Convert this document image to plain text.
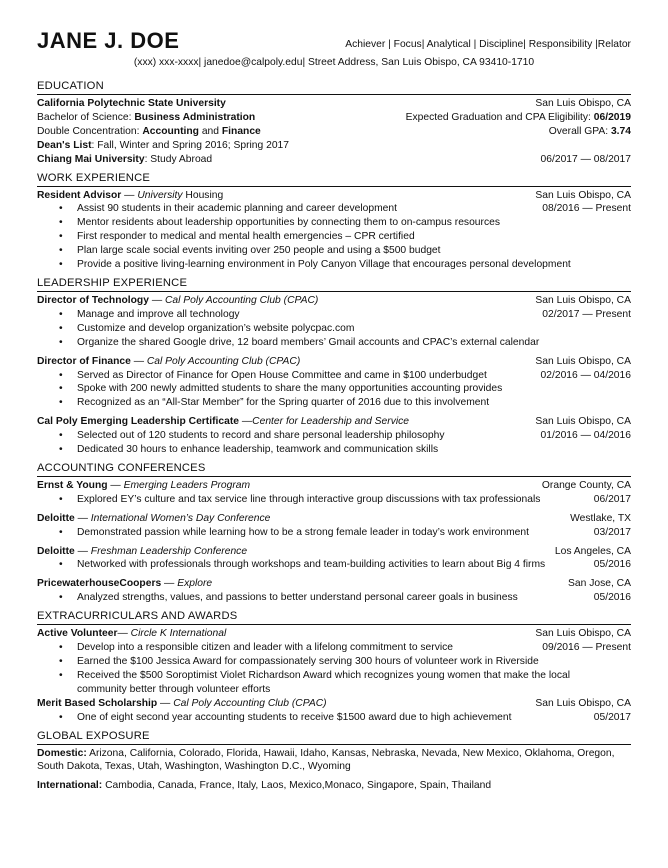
JANE J. DOE	Achiever | Focus| Analytical | Discipline| Responsibility |Relator
(xxx) xxx-xxxx| janedoe@calpoly.edu| Street Address, San Luis Obispo, CA 93410-1710
EDUCATION
California Polytechnic State University	San Luis Obispo, CA
Bachelor of Science: Business Administration	Expected Graduation and CPA Eligibility: 06/2019
Double Concentration: Accounting and Finance	Overall GPA: 3.74
Dean's List: Fall, Winter and Spring 2016; Spring 2017
Chiang Mai University: Study Abroad	06/2017 — 08/2017
WORK EXPERIENCE
Resident Advisor — University Housing	San Luis Obispo, CA
• Assist 90 students in their academic planning and career development	08/2016 — Present
• Mentor residents about leadership opportunities by connecting them to on-campus resources
• First responder to medical and mental health emergencies – CPR certified
• Plan large scale social events inviting over 250 people and using a $500 budget
• Provide a positive living-learning environment in Poly Canyon Village that encourages personal development
LEADERSHIP EXPERIENCE
Director of Technology — Cal Poly Accounting Club (CPAC)	San Luis Obispo, CA
• Manage and improve all technology	02/2017 — Present
• Customize and develop organization’s website polycpac.com
• Organize the shared Google drive, 12 board members’ Gmail accounts and CPAC’s external calendar
Director of Finance — Cal Poly Accounting Club (CPAC)	San Luis Obispo, CA
• Served as Director of Finance for Open House Committee and came in $100 underbudget	02/2016 — 04/2016
• Spoke with 200 newly admitted students to share the many opportunities accounting provides
• Recognized as an “All-Star Member” for the Spring quarter of 2016 due to this involvement
Cal Poly Emerging Leadership Certificate —Center for Leadership and Service	San Luis Obispo, CA
• Selected out of 120 students to record and share personal leadership philosophy	01/2016 — 04/2016
• Dedicated 30 hours to enhance leadership, teamwork and communication skills
ACCOUNTING CONFERENCES
Ernst & Young — Emerging Leaders Program	Orange County, CA
• Explored EY’s culture and tax service line through interactive group discussions with tax professionals	06/2017
Deloitte — International Women’s Day Conference	Westlake, TX
• Demonstrated passion while learning how to be a strong female leader in today’s work environment	03/2017
Deloitte — Freshman Leadership Conference	Los Angeles, CA
• Networked with professionals through workshops and team-building activities to learn about Big 4 firms	05/2016
PricewaterhouseCoopers — Explore	San Jose, CA
• Analyzed strengths, values, and passions to better understand personal career goals in business	05/2016
EXTRACURRICULARS AND AWARDS
Active Volunteer— Circle K International	San Luis Obispo, CA
• Develop into a responsible citizen and leader with a lifelong commitment to service	09/2016 — Present
• Earned the $100 Jessica Award for compassionately serving 300 hours of volunteer work in Riverside
• Received the $500 Soroptimist Violet Richardson Award which recognizes young women that make the local community better through volunteer efforts
Merit Based Scholarship — Cal Poly Accounting Club (CPAC)	San Luis Obispo, CA
• One of eight second year accounting students to receive $1500 award due to high achievement	05/2017
GLOBAL EXPOSURE
Domestic: Arizona, California, Colorado, Florida, Hawaii, Idaho, Kansas, Nebraska, Nevada, New Mexico, Oklahoma, Oregon, South Dakota, Texas, Utah, Washington, Washington D.C., Wyoming
International: Cambodia, Canada, France, Italy, Laos, Mexico,Monaco, Singapore, Spain, Thailand
